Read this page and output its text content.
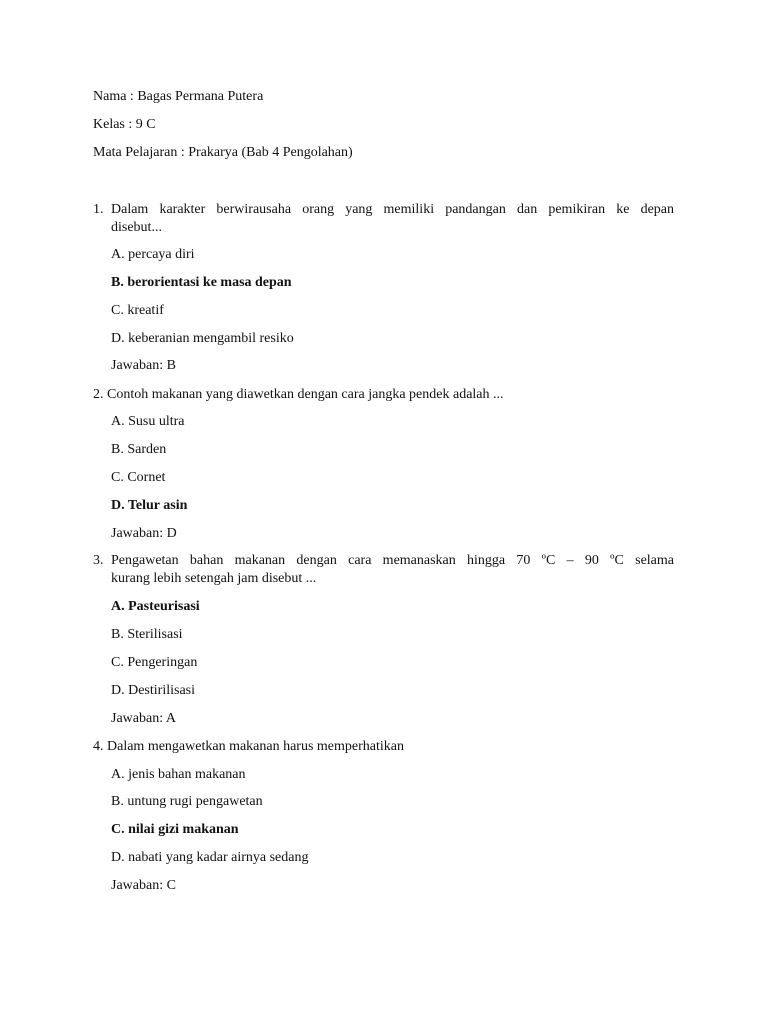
Nama : Bagas Permana Putera
Kelas : 9 C
Mata Pelajaran : Prakarya (Bab 4 Pengolahan)
1. Dalam karakter berwirausaha orang yang memiliki pandangan dan pemikiran ke depan
disebut...
A. percaya diri
B. berorientasi ke masa depan
C. kreatif
D. keberanian mengambil resiko
Jawaban: B
2. Contoh makanan yang diawetkan dengan cara jangka pendek adalah ...
A. Susu ultra
B. Sarden
C. Cornet
D. Telur asin
Jawaban: D
3. Pengawetan bahan makanan dengan cara memanaskan hingga 70 ºC – 90 ºC selama
kurang lebih setengah jam disebut ...
A. Pasteurisasi
B. Sterilisasi
C. Pengeringan
D. Destirilisasi
Jawaban: A
4. Dalam mengawetkan makanan harus memperhatikan
A. jenis bahan makanan
B. untung rugi pengawetan
C. nilai gizi makanan
D. nabati yang kadar airnya sedang
Jawaban: C
